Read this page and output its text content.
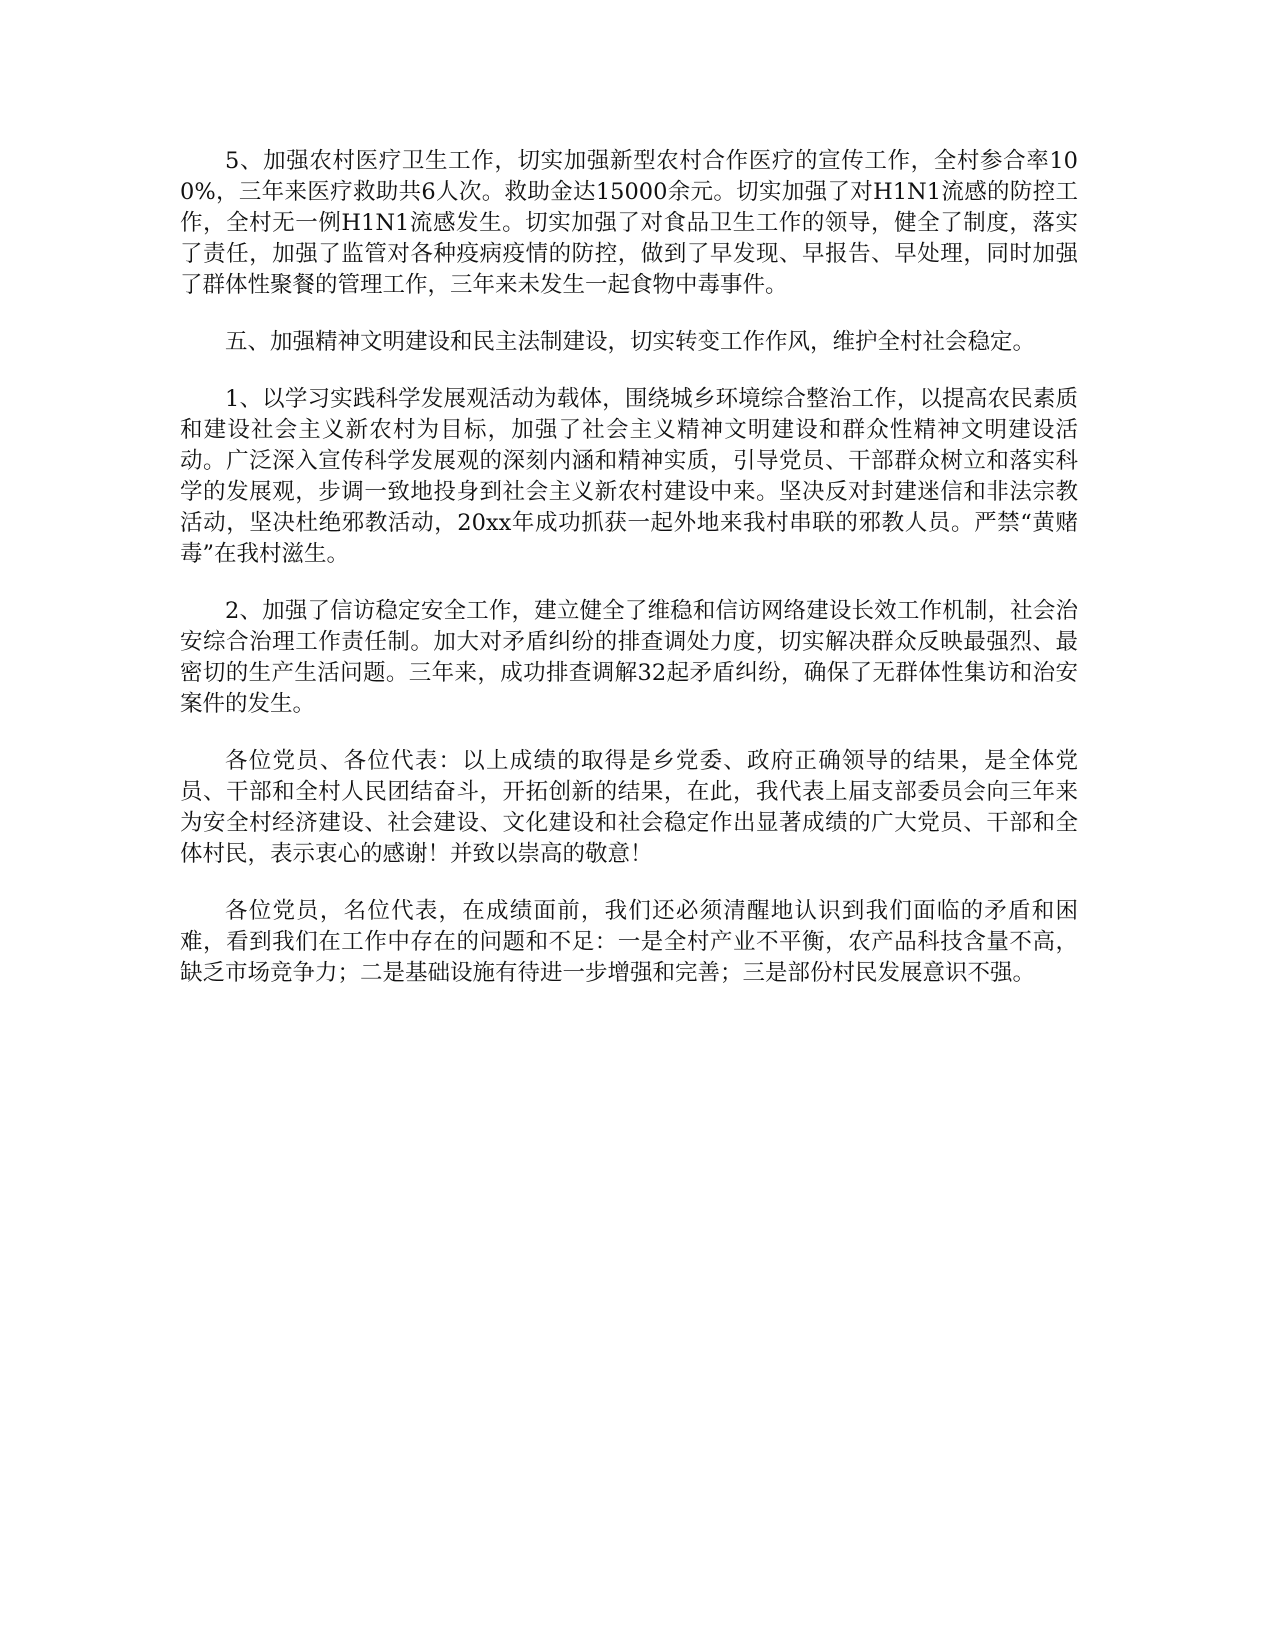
5、加强农村医疗卫生工作，切实加强新型农村合作医疗的宣传工作，全村参合率100%，三年来医疗救助共6人次。救助金达15000余元。切实加强了对H1N1流感的防控工作，全村无一例H1N1流感发生。切实加强了对食品卫生工作的领导，健全了制度，落实了责任，加强了监管对各种疫病疫情的防控，做到了早发现、早报告、早处理，同时加强了群体性聚餐的管理工作，三年来未发生一起食物中毒事件。

五、加强精神文明建设和民主法制建设，切实转变工作作风，维护全村社会稳定。

1、以学习实践科学发展观活动为载体，围绕城乡环境综合整治工作，以提高农民素质和建设社会主义新农村为目标，加强了社会主义精神文明建设和群众性精神文明建设活动。广泛深入宣传科学发展观的深刻内涵和精神实质，引导党员、干部群众树立和落实科学的发展观，步调一致地投身到社会主义新农村建设中来。坚决反对封建迷信和非法宗教活动，坚决杜绝邪教活动，20xx年成功抓获一起外地来我村串联的邪教人员。严禁“黄赌毒”在我村滋生。

2、加强了信访稳定安全工作，建立健全了维稳和信访网络建设长效工作机制，社会治安综合治理工作责任制。加大对矛盾纠纷的排查调处力度，切实解决群众反映最强烈、最密切的生产生活问题。三年来，成功排查调解32起矛盾纠纷，确保了无群体性集访和治安案件的发生。

各位党员、各位代表：以上成绩的取得是乡党委、政府正确领导的结果，是全体党员、干部和全村人民团结奋斗，开拓创新的结果，在此，我代表上届支部委员会向三年来为安全村经济建设、社会建设、文化建设和社会稳定作出显著成绩的广大党员、干部和全体村民，表示衷心的感谢！并致以崇高的敬意！

各位党员，名位代表，在成绩面前，我们还必须清醒地认识到我们面临的矛盾和困难，看到我们在工作中存在的问题和不足：一是全村产业不平衡，农产品科技含量不高，缺乏市场竞争力；二是基础设施有待进一步增强和完善；三是部份村民发展意识不强。
